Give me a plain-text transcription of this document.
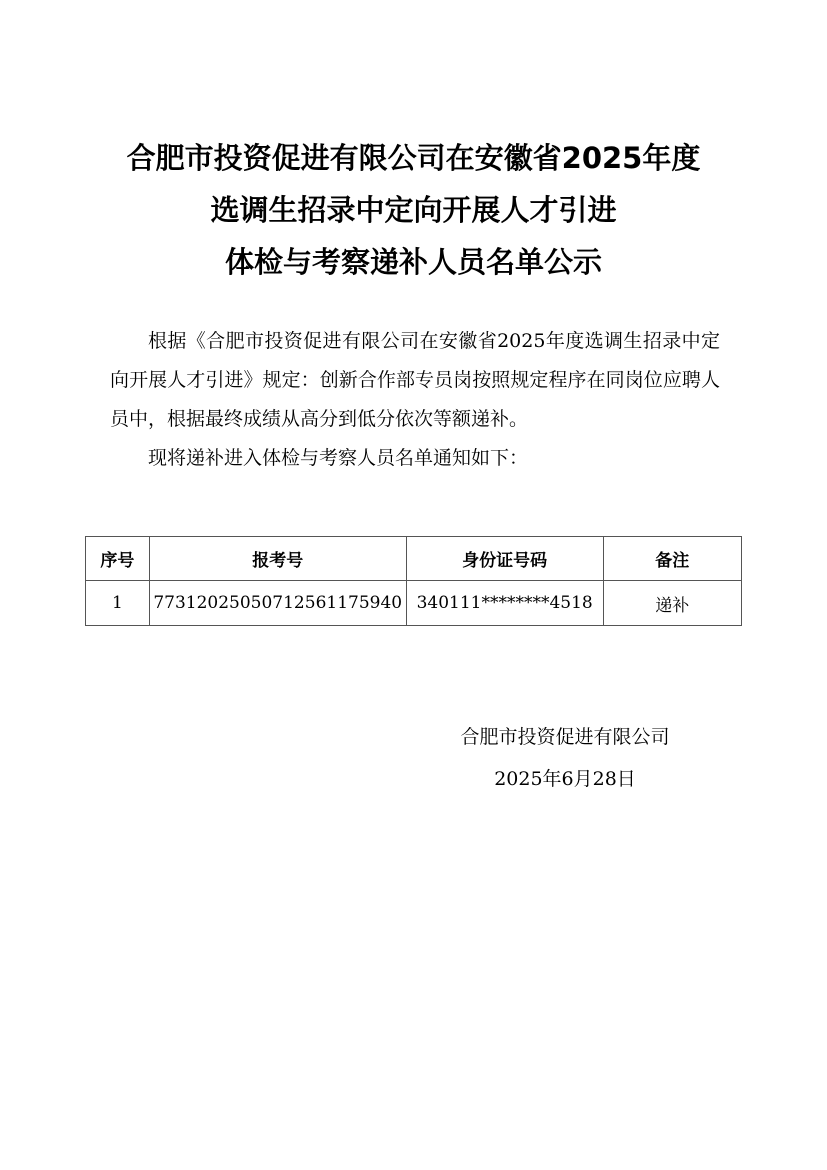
合肥市投资促进有限公司在安徽省2025年度
选调生招录中定向开展人才引进
体检与考察递补人员名单公示

根据《合肥市投资促进有限公司在安徽省2025年度选调生招录中定向开展人才引进》规定：创新合作部专员岗按照规定程序在同岗位应聘人员中，根据最终成绩从高分到低分依次等额递补。

现将递补进入体检与考察人员名单通知如下：

序号	报考号	身份证号码	备注
1	77312025050712561175940	340111********4518	递补
合肥市投资促进有限公司
2025年6月28日
